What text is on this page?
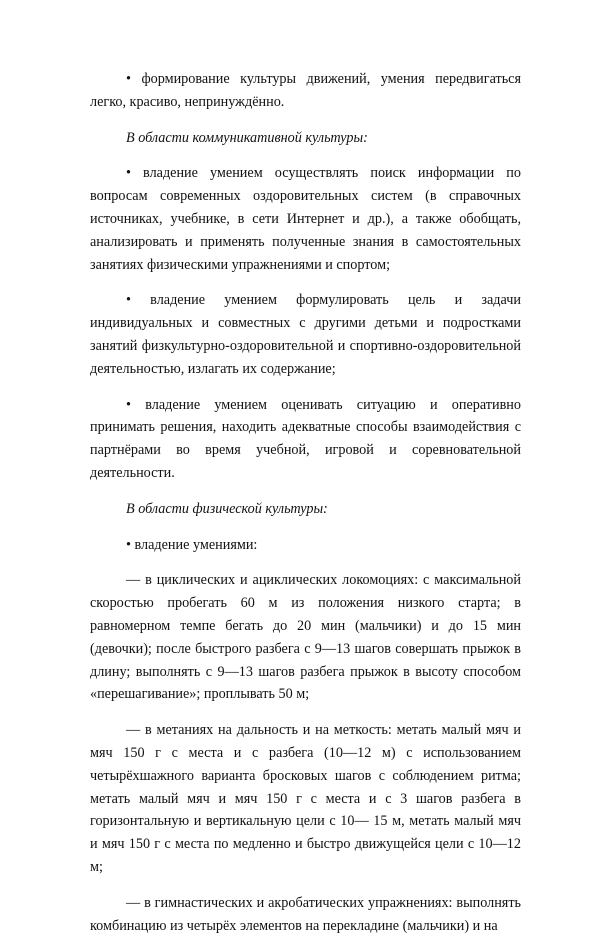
• формирование культуры движений, умения передвигаться легко, красиво, непринуждённо.

В области коммуникативной культуры:

• владение умением осуществлять поиск информации по вопросам современных оздоровительных систем (в справочных источниках, учебнике, в сети Интернет и др.), а также обобщать, анализировать и применять полученные знания в самостоятельных занятиях физическими упражнениями и спортом;

• владение умением формулировать цель и задачи индивидуальных и совместных с другими детьми и подростками занятий физкультурно-оздоровительной и спортивно-оздоровительной деятельностью, излагать их содержание;

• владение умением оценивать ситуацию и оперативно принимать решения, находить адекватные способы взаимодействия с партнёрами во время учебной, игровой и соревновательной деятельности.

В области физической культуры:

• владение умениями:

— в циклических и ациклических локомоциях: с максимальной скоростью пробегать 60 м из положения низкого старта; в равномерном темпе бегать до 20 мин (мальчики) и до 15 мин (девочки); после быстрого разбега с 9—13 шагов совершать прыжок в длину; выполнять с 9—13 шагов разбега прыжок в высоту способом «перешагивание»; проплывать 50 м;

— в метаниях на дальность и на меткость: метать малый мяч и мяч 150 г с места и с разбега (10—12 м) с использованием четырёхшажного варианта бросковых шагов с соблюдением ритма; метать малый мяч и мяч 150 г с места и с 3 шагов разбега в горизонтальную и вертикальную цели с 10— 15 м, метать малый мяч и мяч 150 г с места по медленно и быстро движущейся цели с 10—12 м;

— в гимнастических и акробатических упражнениях: выполнять комбинацию из четырёх элементов на перекладине (мальчики) и на
